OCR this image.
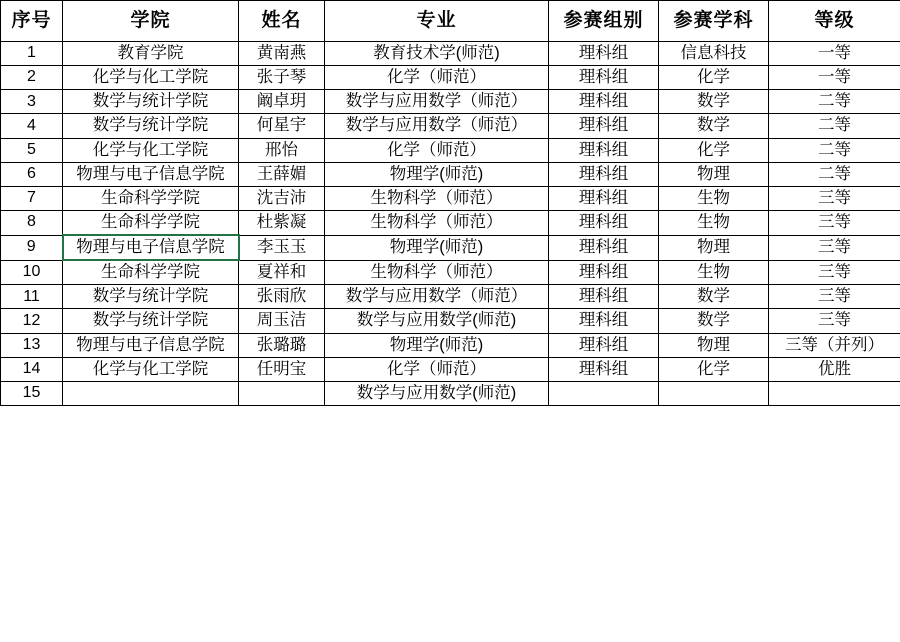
序号	学院	姓名	专业	参赛组别	参赛学科	等级
1	教育学院	黄南燕	教育技术学(师范)	理科组	信息科技	一等
2	化学与化工学院	张子琴	化学（师范）	理科组	化学	一等
3	数学与统计学院	阚卓玥	数学与应用数学（师范）	理科组	数学	二等
4	数学与统计学院	何星宇	数学与应用数学（师范）	理科组	数学	二等
5	化学与化工学院	邢怡	化学（师范）	理科组	化学	二等
6	物理与电子信息学院	王薛媚	物理学(师范)	理科组	物理	二等
7	生命科学学院	沈吉沛	生物科学（师范）	理科组	生物	三等
8	生命科学学院	杜紫凝	生物科学（师范）	理科组	生物	三等
9	物理与电子信息学院	李玉玉	物理学(师范)	理科组	物理	三等
10	生命科学学院	夏祥和	生物科学（师范）	理科组	生物	三等
11	数学与统计学院	张雨欣	数学与应用数学（师范）	理科组	数学	三等
12	数学与统计学院	周玉洁	数学与应用数学(师范)	理科组	数学	三等
13	物理与电子信息学院	张璐璐	物理学(师范)	理科组	物理	三等（并列）
14	化学与化工学院	任明宝	化学（师范）	理科组	化学	优胜
15			数学与应用数学(师范)			
